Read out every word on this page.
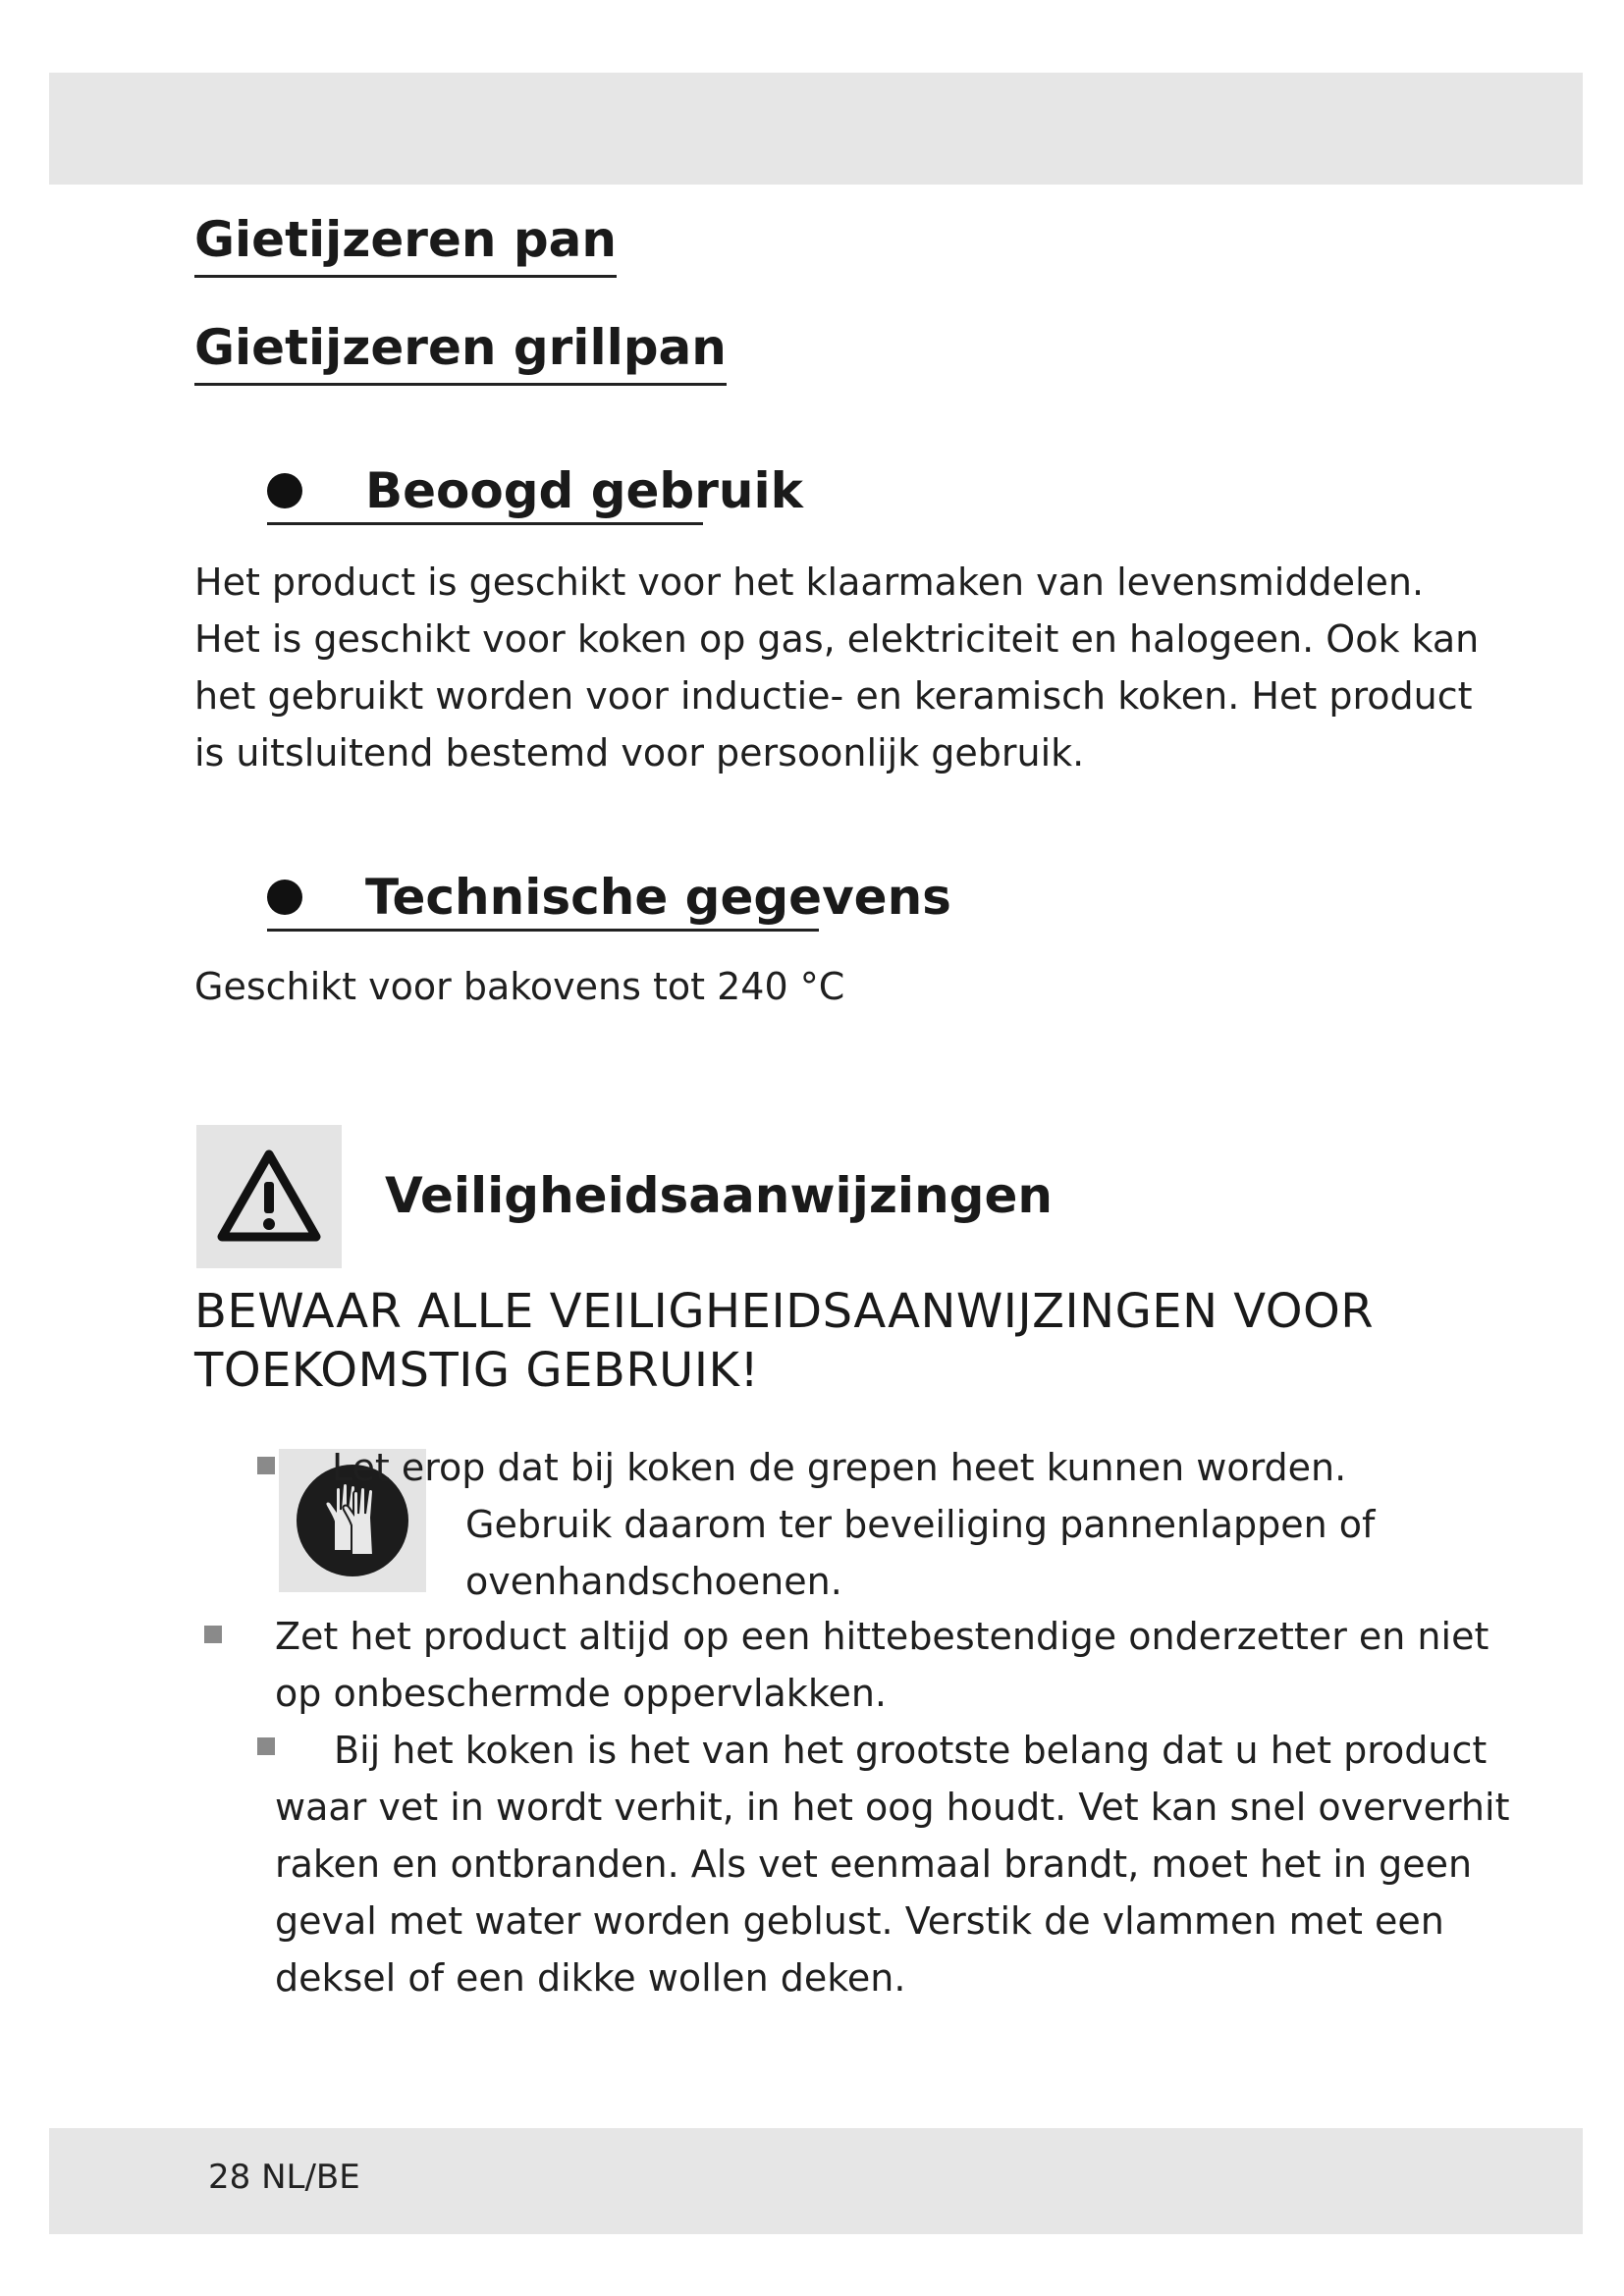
Gietijzeren pan
Gietijzeren grillpan
Beoogd gebruik

Het product is geschikt voor het klaarmaken van levensmiddelen. Het is geschikt voor koken op gas, elektriciteit en halogeen. Ook kan het gebruikt worden voor inductie- en keramisch koken. Het product is uitsluitend bestemd voor persoonlijk gebruik.

Technische gegevens

Geschikt voor bakovens tot 240 °C

Veiligheidsaanwijzingen

BEWAAR ALLE VEILIGHEIDSAANWIJZINGEN VOOR TOEKOMSTIG GEBRUIK!

Let erop dat bij koken de grepen heet kunnen worden.

Gebruik daarom ter beveiliging pannenlappen of

ovenhandschoenen.

Zet het product altijd op een hittebestendige onderzetter en niet

op onbeschermde oppervlakken.

Bij het koken is het van het grootste belang dat u het product

waar vet in wordt verhit, in het oog houdt. Vet kan snel oververhit

raken en ontbranden. Als vet eenmaal brandt, moet het in geen

geval met water worden geblust. Verstik de vlammen met een

deksel of een dikke wollen deken.

28 NL/BE
